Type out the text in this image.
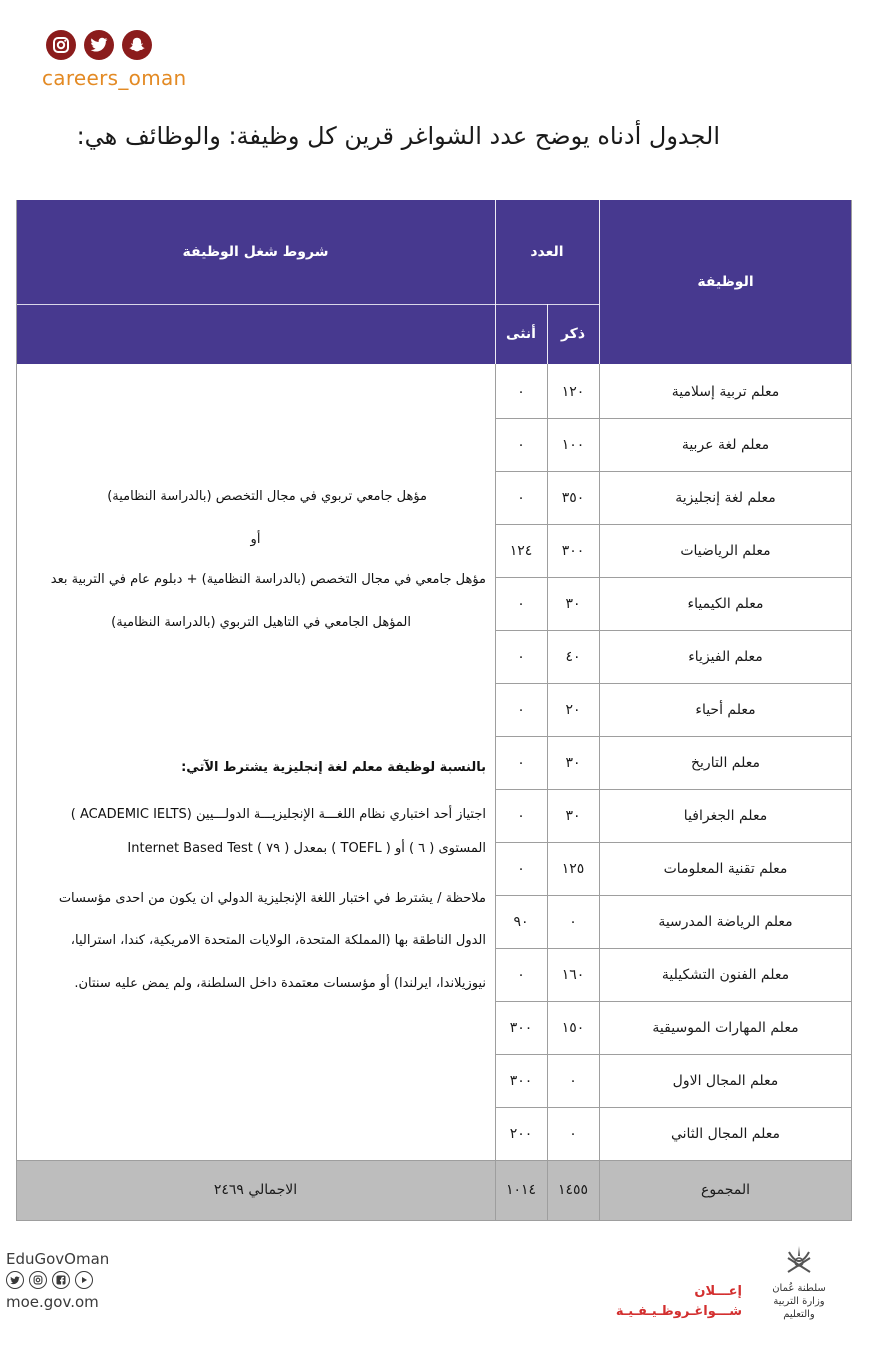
careers_oman
الجدول أدناه يوضح عدد الشواغر قرين كل وظيفة: والوظائف هي:
شروط شغل الوظيفة	العدد
ذكر
أنثى
الوظيفة
معلم تربية إسلامية
١٢٠
٠
معلم لغة عربية
١٠٠
٠
معلم لغة إنجليزية
٣٥٠
٠
معلم الرياضيات
٣٠٠
١٢٤
معلم الكيمياء
٣٠
٠
معلم الفيزياء
٤٠
٠
معلم أحياء
٢٠
٠
معلم التاريخ
٣٠
٠
معلم الجغرافيا
٣٠
٠
معلم تقنية المعلومات
١٢٥
٠
معلم الرياضة المدرسية
٠
٩٠
معلم الفنون التشكيلية
١٦٠
٠
معلم المهارات الموسيقية
١٥٠
٣٠٠
معلم المجال الاول
٠
٣٠٠
معلم المجال الثاني
٠
٢٠٠
المجموع
١٤٥٥
١٠١٤
الاجمالي ٢٤٦٩
مؤهل جامعي تربوي في مجال التخصص (بالدراسة النظامية)
أو
مؤهل جامعي في مجال التخصص (بالدراسة النظامية) + دبلوم عام في التربية بعد
المؤهل الجامعي في التاهيل التربوي (بالدراسة النظامية)
بالنسبة لوظيفة معلم لغة إنجليزية يشترط الآتي:
اجتياز أحد اختباري نظام اللغـــة الإنجليزيـــة الدولـــيين (ACADEMIC IELTS )
المستوى ( ٦ ) أو ( TOEFL ) بمعدل ( ٧٩ ) Internet Based Test
ملاحظة / يشترط في اختبار اللغة الإنجليزية الدولي ان يكون من احدى مؤسسات
الدول الناطقة بها (المملكة المتحدة، الولايات المتحدة الامريكية، كندا، استراليا،
نيوزيلاندا، ايرلندا) أو مؤسسات معتمدة داخل السلطنة، ولم يمض عليه سنتان.
EduGovOman
moe.gov.om
إعـــلان
شـــواغـروظـيـفـيـة
سلطنة عُمان
وزارة التربية والتعليم
